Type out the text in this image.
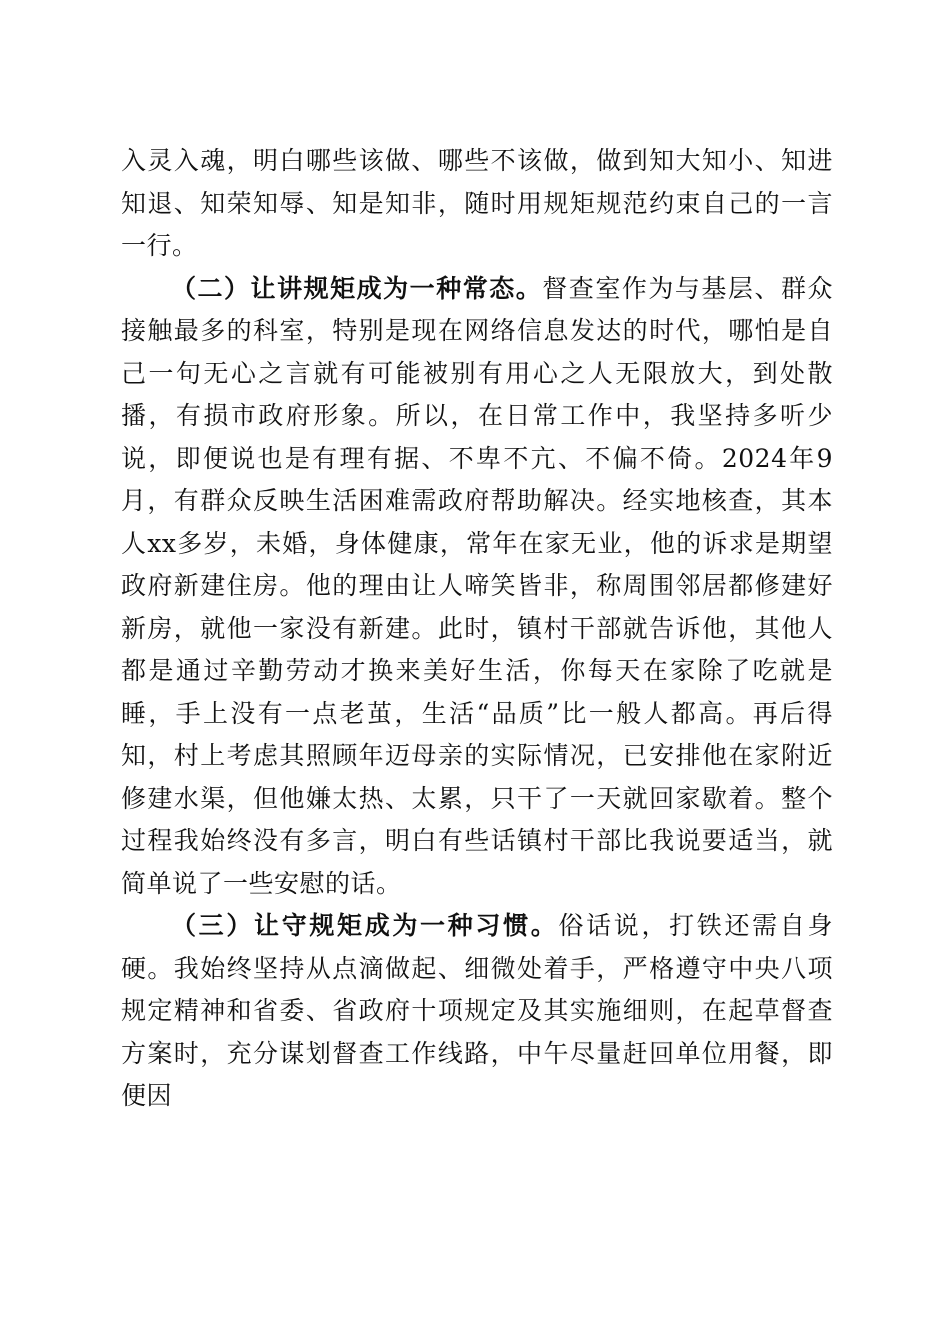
入灵入魂，明白哪些该做、哪些不该做，做到知大知小、知进知退、知荣知辱、知是知非，随时用规矩规范约束自己的一言一行。

（二）让讲规矩成为一种常态。督查室作为与基层、群众接触最多的科室，特别是现在网络信息发达的时代，哪怕是自己一句无心之言就有可能被别有用心之人无限放大，到处散播，有损市政府形象。所以，在日常工作中，我坚持多听少说，即便说也是有理有据、不卑不亢、不偏不倚。2024年9月，有群众反映生活困难需政府帮助解决。经实地核查，其本人xx多岁，未婚，身体健康，常年在家无业，他的诉求是期望政府新建住房。他的理由让人啼笑皆非，称周围邻居都修建好新房，就他一家没有新建。此时，镇村干部就告诉他，其他人都是通过辛勤劳动才换来美好生活，你每天在家除了吃就是睡，手上没有一点老茧，生活“品质”比一般人都高。再后得知，村上考虑其照顾年迈母亲的实际情况，已安排他在家附近修建水渠，但他嫌太热、太累，只干了一天就回家歇着。整个过程我始终没有多言，明白有些话镇村干部比我说要适当，就简单说了一些安慰的话。

（三）让守规矩成为一种习惯。俗话说，打铁还需自身硬。我始终坚持从点滴做起、细微处着手，严格遵守中央八项规定精神和省委、省政府十项规定及其实施细则，在起草督查方案时，充分谋划督查工作线路，中午尽量赶回单位用餐，即便因
